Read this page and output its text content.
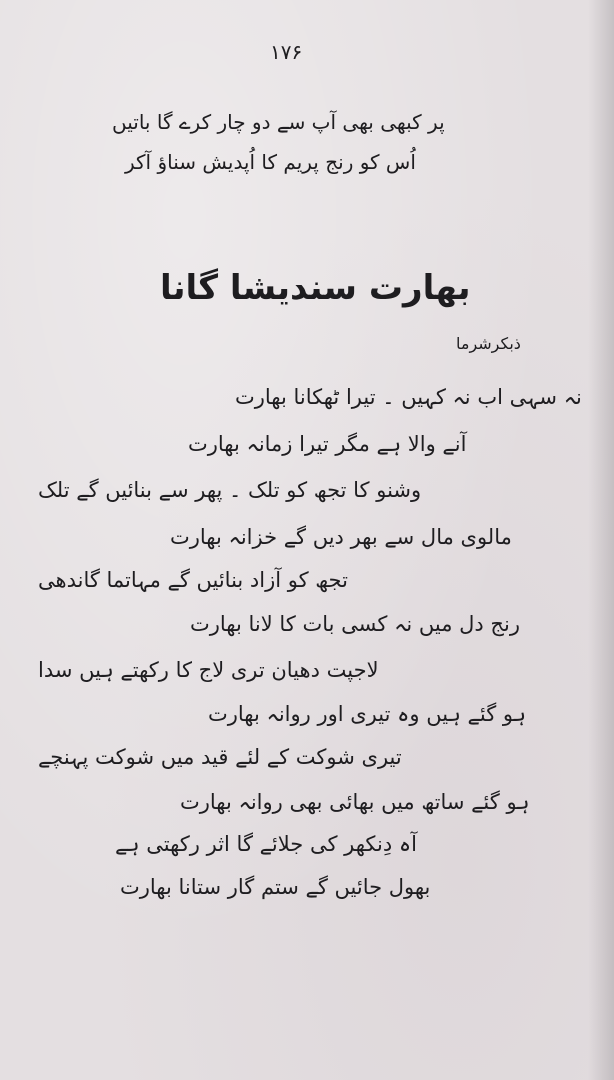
۱۷۶
پر کبھی بھی آپ سے دو چار کرے گا باتیں
اُس کو رنج پریم کا اُپدیش سناؤ آکر
بھارت سندیشا گانا
ذبکرشرما
نہ سہی اب نہ کہیں ۔ تیرا ٹھکانا بھارت
آنے والا ہے مگر تیرا زمانہ بھارت
وشنو کا تجھ کو تلک ۔ پھر سے بنائیں گے تلک
مالوی مال سے بھر دیں گے خزانہ بھارت
تجھ کو آزاد بنائیں گے مہاتما گاندھی
رنج دل میں نہ کسی بات کا لانا بھارت
لاجپت دھیان تری لاج کا رکھتے ہیں سدا
ہو گئے ہیں وہ تیری اور روانہ بھارت
تیری شوکت کے لئے قید میں شوکت پہنچے
ہو گئے ساتھ میں بھائی بھی روانہ بھارت
آہ دِنکھر کی جلائے گا اثر رکھتی ہے
بھول جائیں گے ستم گار ستانا بھارت
